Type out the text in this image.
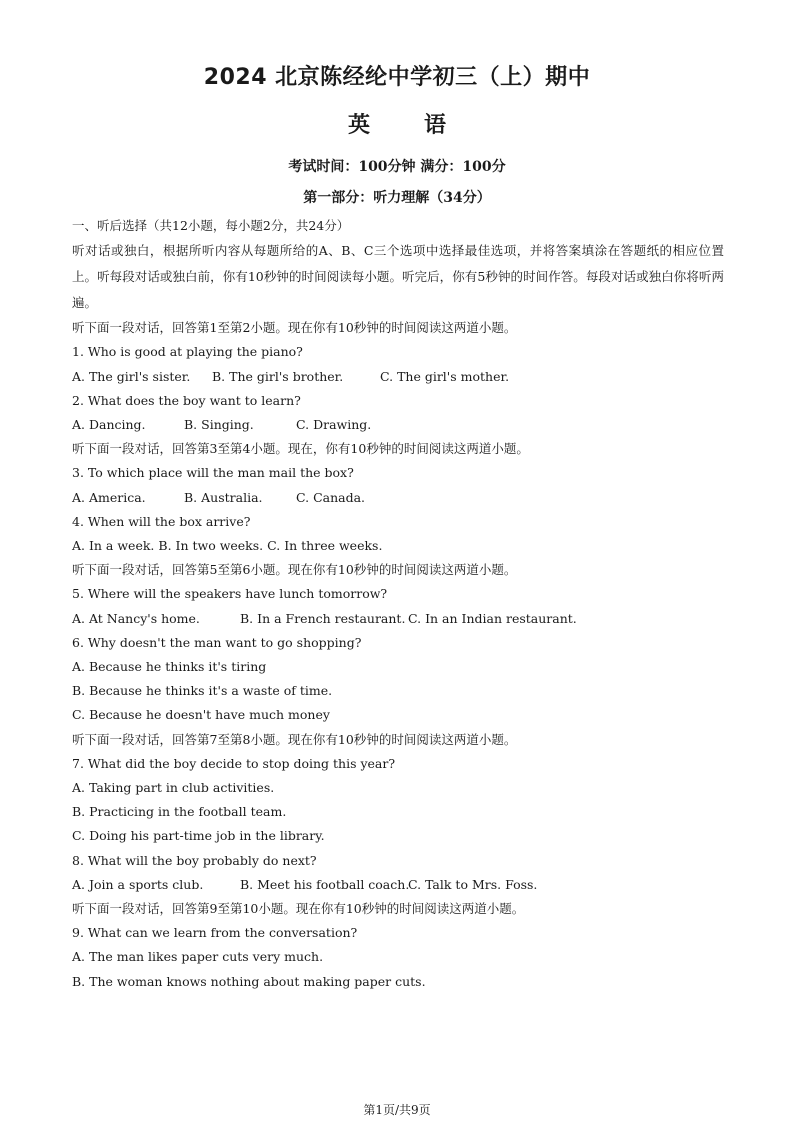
2024 北京陈经纶中学初三（上）期中
英 语
考试时间：100分钟 满分：100分
第一部分：听力理解（34分）
一、听后选择（共12小题，每小题2分，共24分）
听对话或独白，根据所听内容从每题所给的A、B、C三个选项中选择最佳选项，并将答案填涂在答题纸的相应位置上。听每段对话或独白前，你有10秒钟的时间阅读每小题。听完后，你有5秒钟的时间作答。每段对话或独白你将听两遍。
听下面一段对话，回答第1至第2小题。现在你有10秒钟的时间阅读这两道小题。
1. Who is good at playing the piano?
A. The girl's sister.	B. The girl's brother.	C. The girl's mother.
2. What does the boy want to learn?
A. Dancing.	B. Singing.	C. Drawing.
听下面一段对话，回答第3至第4小题。现在，你有10秒钟的时间阅读这两道小题。
3. To which place will the man mail the box?
A. America.	B. Australia.	C. Canada.
4. When will the box arrive?
A. In a week. B. In two weeks. C. In three weeks.
听下面一段对话，回答第5至第6小题。现在你有10秒钟的时间阅读这两道小题。
5. Where will the speakers have lunch tomorrow?
A. At Nancy's home.	B. In a French restaurant. C. In an Indian restaurant.
6. Why doesn't the man want to go shopping?
A. Because he thinks it's tiring
B. Because he thinks it's a waste of time.
C. Because he doesn't have much money
听下面一段对话，回答第7至第8小题。现在你有10秒钟的时间阅读这两道小题。
7. What did the boy decide to stop doing this year?
A. Taking part in club activities.
B. Practicing in the football team.
C. Doing his part-time job in the library.
8. What will the boy probably do next?
A. Join a sports club.	B. Meet his football coach.
C. Talk to Mrs. Foss.
听下面一段对话，回答第9至第10小题。现在你有10秒钟的时间阅读这两道小题。
9. What can we learn from the conversation?
A. The man likes paper cuts very much.
B. The woman knows nothing about making paper cuts.
第1页/共9页
